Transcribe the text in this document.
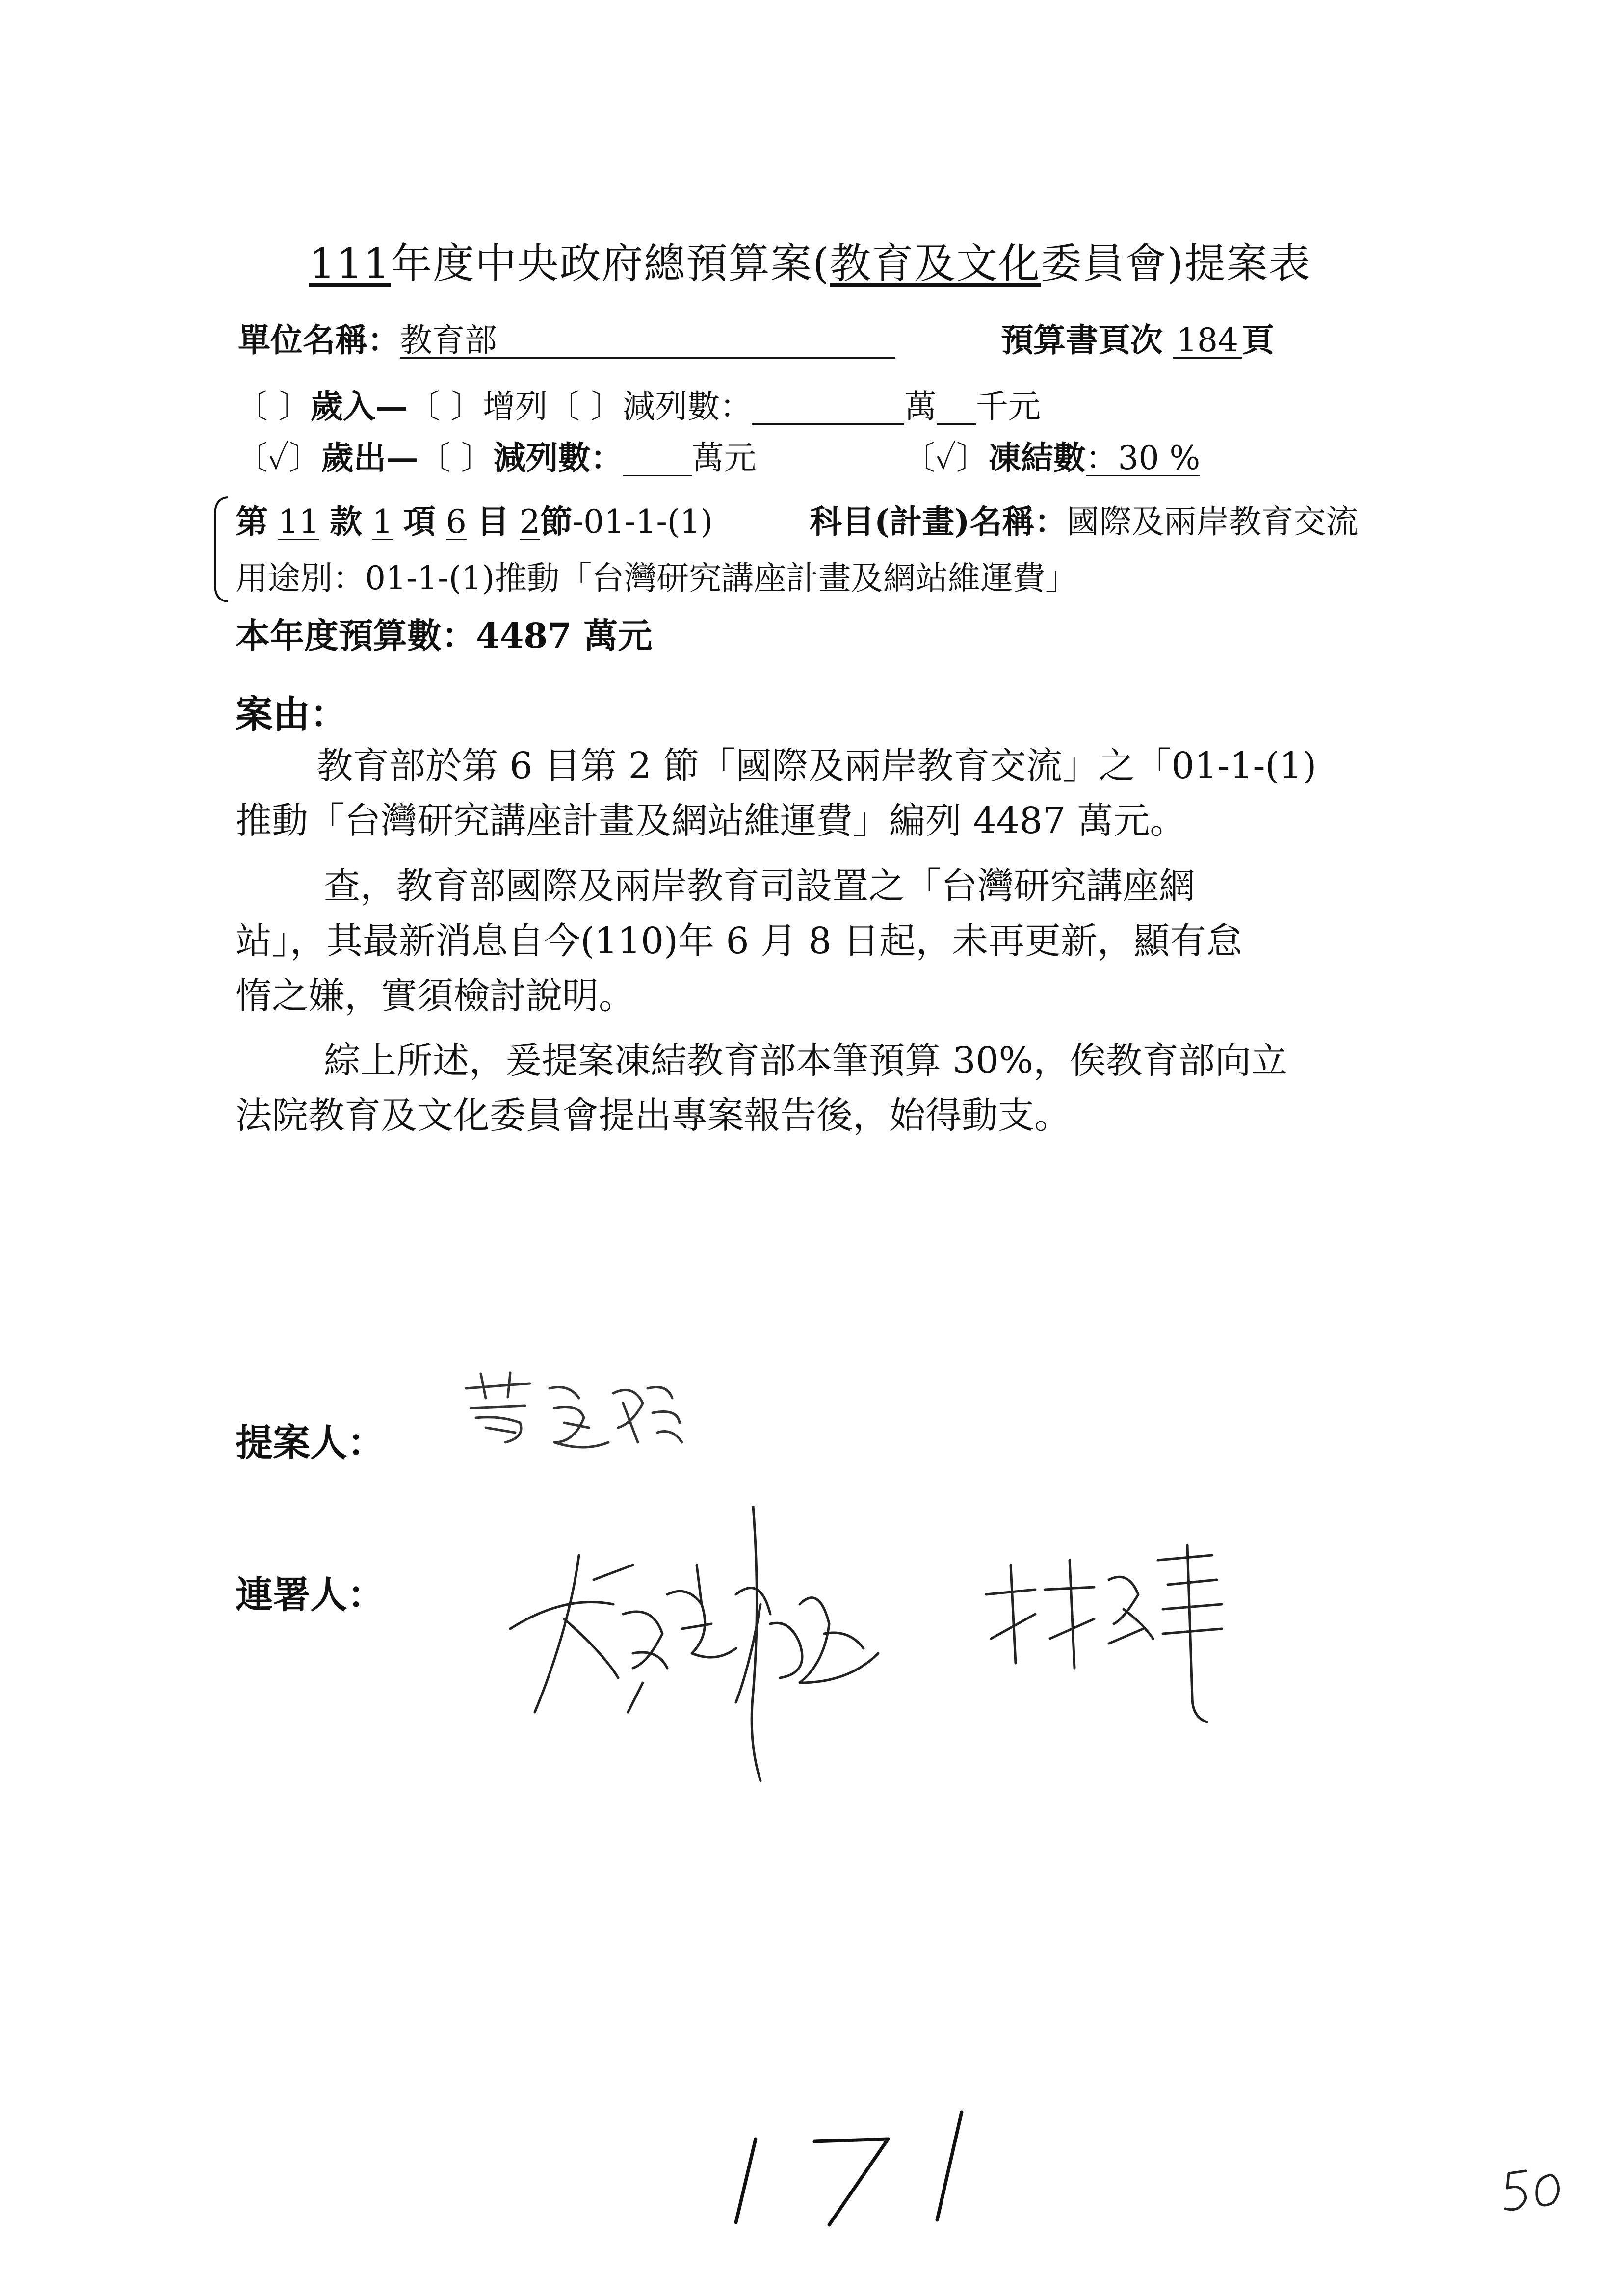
111年度中央政府總預算案(教育及文化委員會)提案表
單位名稱：教育部	預算書頁次 184 頁
〔 〕歲入—〔 〕增列〔 〕減列數：	萬 千元
〔✓〕歲出—〔 〕減列數： 萬元	〔✓〕凍結數：30 %
第 11 款 1 項 6 目 2節-01-1-(1)	科目(計畫)名稱：國際及兩岸教育交流
用途別：01-1-(1)推動「台灣研究講座計畫及網站維運費」
本年度預算數：4487 萬元
案由：
教育部於第 6 目第 2 節「國際及兩岸教育交流」之「01-1-(1)
推動「台灣研究講座計畫及網站維運費」編列 4487 萬元。
查，教育部國際及兩岸教育司設置之「台灣研究講座網
站」，其最新消息自今(110)年 6 月 8 日起，未再更新，顯有怠
惰之嫌，實須檢討說明。
綜上所述，爰提案凍結教育部本筆預算 30%，俟教育部向立
法院教育及文化委員會提出專案報告後，始得動支。
提案人：
連署人：
